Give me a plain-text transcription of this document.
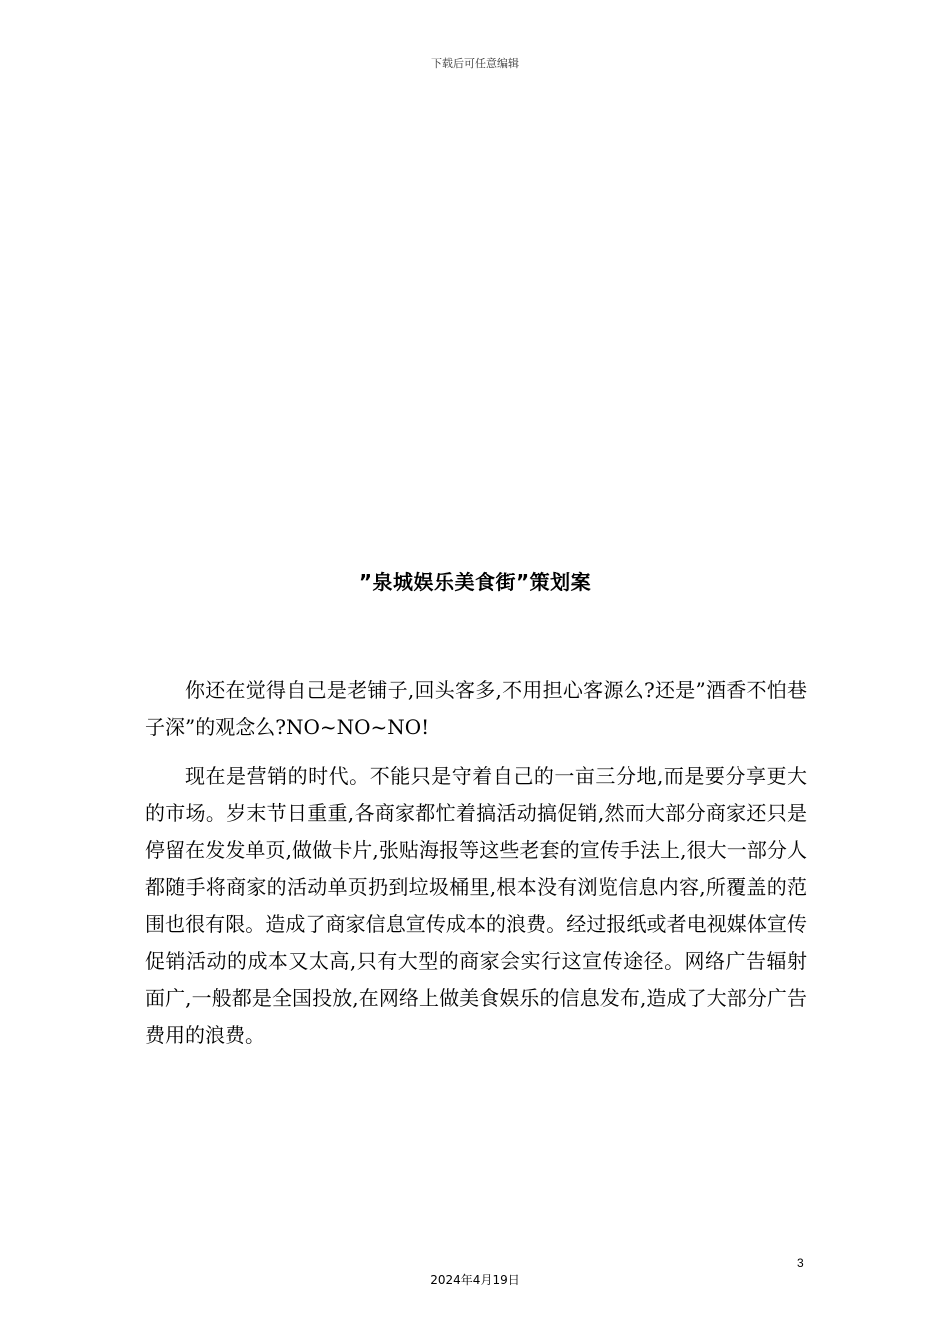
下载后可任意编辑
”泉城娱乐美食街”策划案

你还在觉得自己是老铺子,回头客多,不用担心客源么?还是”酒香不怕巷子深”的观念么?NO~NO~NO!

现在是营销的时代。不能只是守着自己的一亩三分地,而是要分享更大的市场。岁末节日重重,各商家都忙着搞活动搞促销,然而大部分商家还只是停留在发发单页,做做卡片,张贴海报等这些老套的宣传手法上,很大一部分人都随手将商家的活动单页扔到垃圾桶里,根本没有浏览信息内容,所覆盖的范围也很有限。造成了商家信息宣传成本的浪费。经过报纸或者电视媒体宣传促销活动的成本又太高,只有大型的商家会实行这宣传途径。网络广告辐射面广,一般都是全国投放,在网络上做美食娱乐的信息发布,造成了大部分广告费用的浪费。

3
2024年4月19日
